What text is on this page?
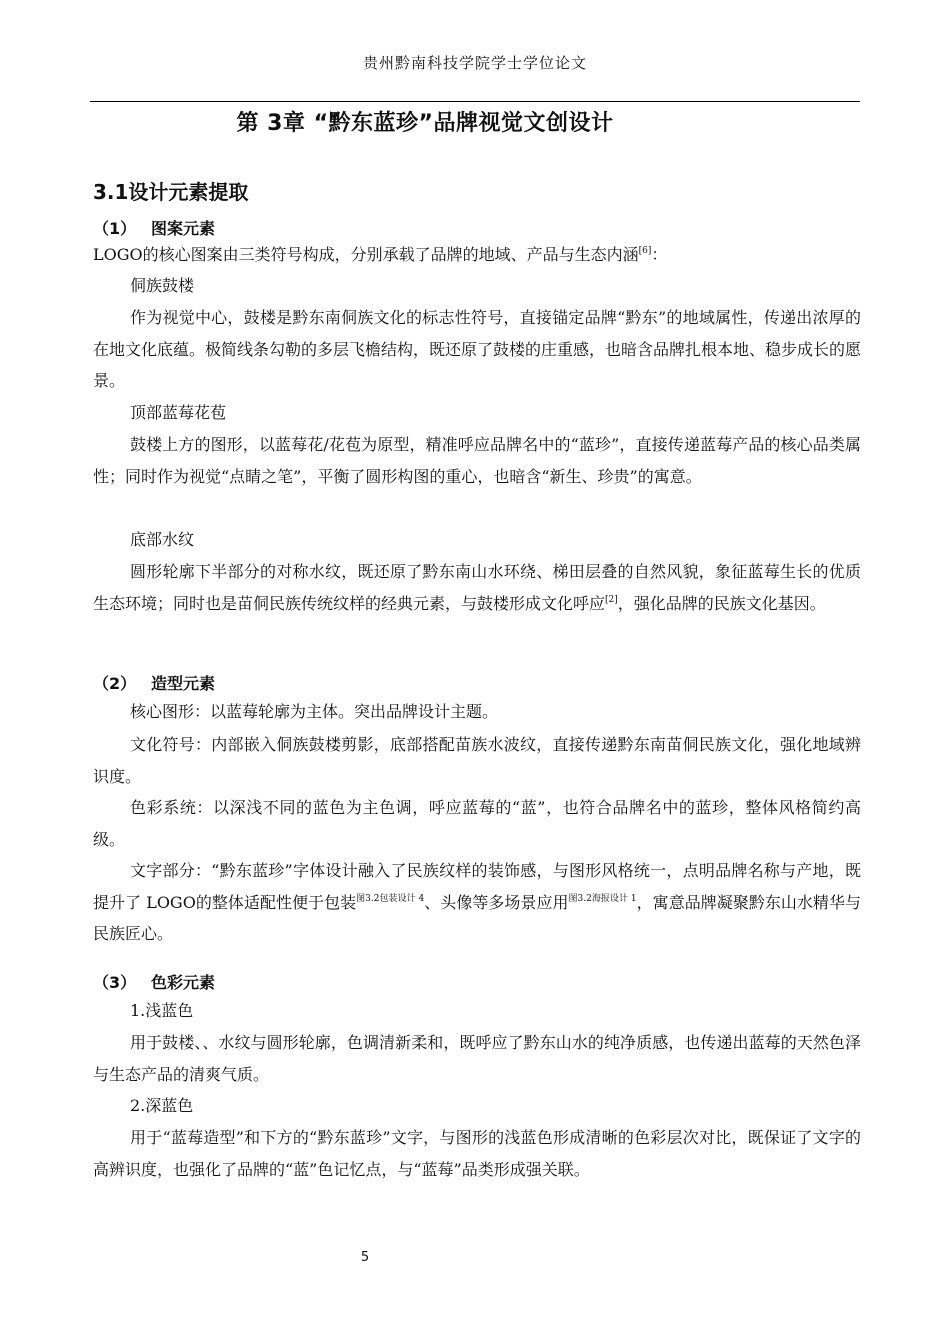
贵州黔南科技学院学士学位论文
第 3章 “黔东蓝珍”品牌视觉文创设计
3.1设计元素提取
（1） 图案元素
LOGO的核心图案由三类符号构成，分别承载了品牌的地域、产品与生态内涵[6]：
侗族鼓楼
作为视觉中心，鼓楼是黔东南侗族文化的标志性符号，直接锚定品牌“黔东”的地域属性，传递出浓厚的在地文化底蕴。极简线条勾勒的多层飞檐结构，既还原了鼓楼的庄重感，也暗含品牌扎根本地、稳步成长的愿景。
顶部蓝莓花苞
鼓楼上方的图形，以蓝莓花/花苞为原型，精准呼应品牌名中的“蓝珍”，直接传递蓝莓产品的核心品类属性；同时作为视觉“点睛之笔”，平衡了圆形构图的重心，也暗含“新生、珍贵”的寓意。
底部水纹
圆形轮廓下半部分的对称水纹，既还原了黔东南山水环绕、梯田层叠的自然风貌，象征蓝莓生长的优质生态环境；同时也是苗侗民族传统纹样的经典元素，与鼓楼形成文化呼应[2]，强化品牌的民族文化基因。
（2） 造型元素
核心图形：以蓝莓轮廓为主体。突出品牌设计主题。
文化符号：内部嵌入侗族鼓楼剪影，底部搭配苗族水波纹，直接传递黔东南苗侗民族文化，强化地域辨识度。
色彩系统：以深浅不同的蓝色为主色调，呼应蓝莓的“蓝”，也符合品牌名中的蓝珍，整体风格简约高级。
文字部分：“黔东蓝珍”字体设计融入了民族纹样的装饰感，与图形风格统一，点明品牌名称与产地，既提升了 LOGO的整体适配性便于包装$^{图3.2包装设计 4}$、头像等多场景应用$^{图3.2海报设计 1}$，寓意品牌凝聚黔东山水精华与民族匠心。
（3） 色彩元素
1.浅蓝色
用于鼓楼、、水纹与圆形轮廓，色调清新柔和，既呼应了黔东山水的纯净质感，也传递出蓝莓的天然色泽与生态产品的清爽气质。
2.深蓝色
用于“蓝莓造型”和下方的“黔东蓝珍”文字，与图形的浅蓝色形成清晰的色彩层次对比，既保证了文字的高辨识度，也强化了品牌的“蓝”色记忆点，与“蓝莓”品类形成强关联。
5
